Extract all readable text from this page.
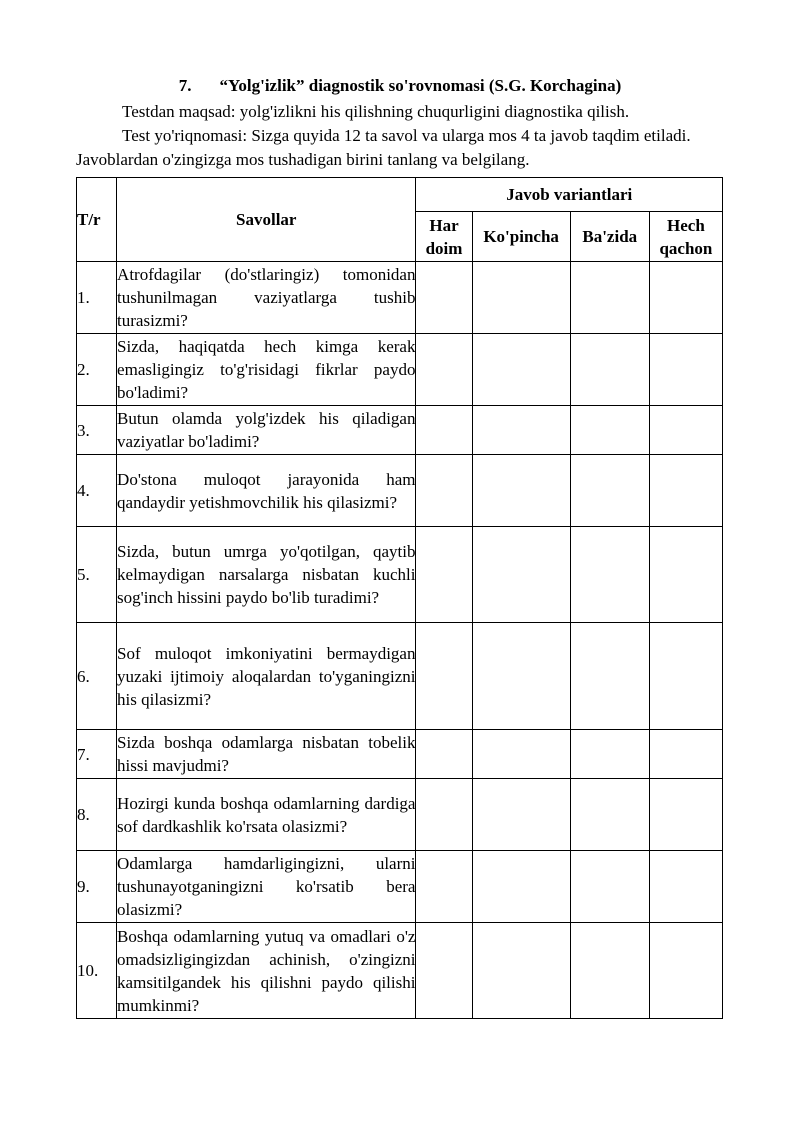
7. “Yolg'izlik” diagnostik so'rovnomasi (S.G. Korchagina)
Testdan maqsad: yolg'izlikni his qilishning chuqurligini diagnostika qilish.
Test yo'riqnomasi: Sizga quyida 12 ta savol va ularga mos 4 ta javob taqdim etiladi.
Javoblardan o'zingizga mos tushadigan birini tanlang va belgilang.
T/r	Savollar	Javob variantlari			
		Har doim	Ko'pincha	Ba'zida	Hech qachon
1.	Atrofdagilar (do'stlaringiz) tomonidan tushunilmagan vaziyatlarga tushib turasizmi?				
2.	Sizda, haqiqatda hech kimga kerak emasligingiz to'g'risidagi fikrlar paydo bo'ladimi?				
3.	Butun olamda yolg'izdek his qiladigan vaziyatlar bo'ladimi?				
4.	Do'stona muloqot jarayonida ham qandaydir yetishmovchilik his qilasizmi?				
5.	Sizda, butun umrga yo'qotilgan, qaytib kelmaydigan narsalarga nisbatan kuchli sog'inch hissini paydo bo'lib turadimi?				
6.	Sof muloqot imkoniyatini bermaydigan yuzaki ijtimoiy aloqalardan to'yganingizni his qilasizmi?				
7.	Sizda boshqa odamlarga nisbatan tobelik hissi mavjudmi?				
8.	Hozirgi kunda boshqa odamlarning dardiga sof dardkashlik ko'rsata olasizmi?				
9.	Odamlarga hamdarligingizni, ularni tushunayotganingizni ko'rsatib bera olasizmi?				
10.	Boshqa odamlarning yutuq va omadlari o'z omadsizligingizdan achinish, o'zingizni kamsitilgandek his qilishni paydo qilishi mumkinmi?				
